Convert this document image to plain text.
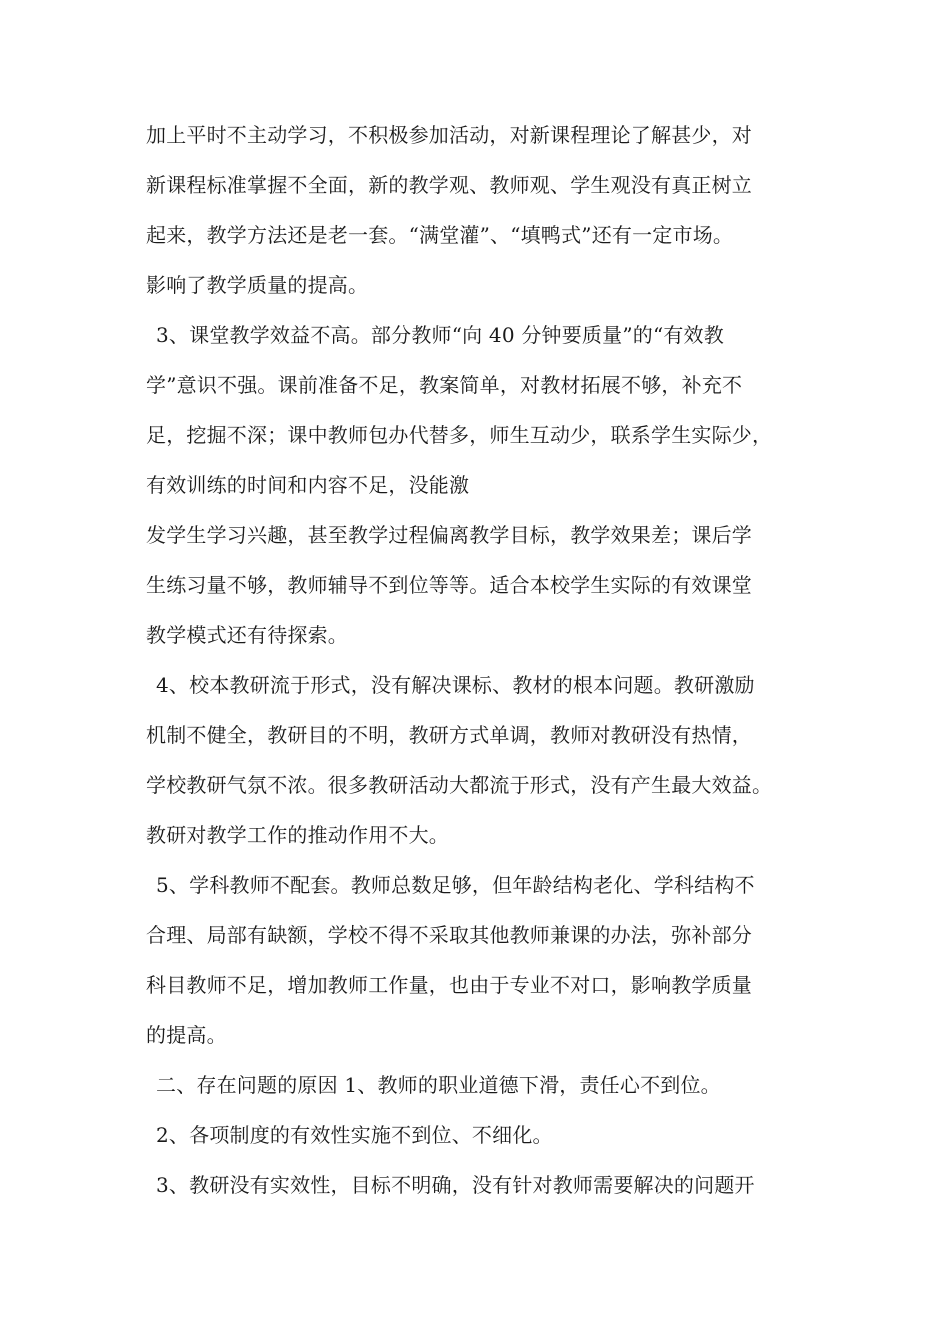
加上平时不主动学习，不积极参加活动，对新课程理论了解甚少，对
新课程标准掌握不全面，新的教学观、教师观、学生观没有真正树立
起来，教学方法还是老一套。“满堂灌”、“填鸭式”还有一定市场。
影响了教学质量的提高。
3、课堂教学效益不高。部分教师“向 40 分钟要质量”的“有效教
学”意识不强。课前准备不足，教案简单，对教材拓展不够，补充不
足，挖掘不深；课中教师包办代替多，师生互动少，联系学生实际少，
有效训练的时间和内容不足，没能激
发学生学习兴趣，甚至教学过程偏离教学目标，教学效果差；课后学
生练习量不够，教师辅导不到位等等。适合本校学生实际的有效课堂
教学模式还有待探索。
4、校本教研流于形式，没有解决课标、教材的根本问题。教研激励
机制不健全，教研目的不明，教研方式单调，教师对教研没有热情，
学校教研气氛不浓。很多教研活动大都流于形式，没有产生最大效益。
教研对教学工作的推动作用不大。
5、学科教师不配套。教师总数足够，但年龄结构老化、学科结构不
合理、局部有缺额，学校不得不采取其他教师兼课的办法，弥补部分
科目教师不足，增加教师工作量，也由于专业不对口，影响教学质量
的提高。
二、存在问题的原因 1、教师的职业道德下滑，责任心不到位。
2、各项制度的有效性实施不到位、不细化。
3、教研没有实效性，目标不明确，没有针对教师需要解决的问题开
